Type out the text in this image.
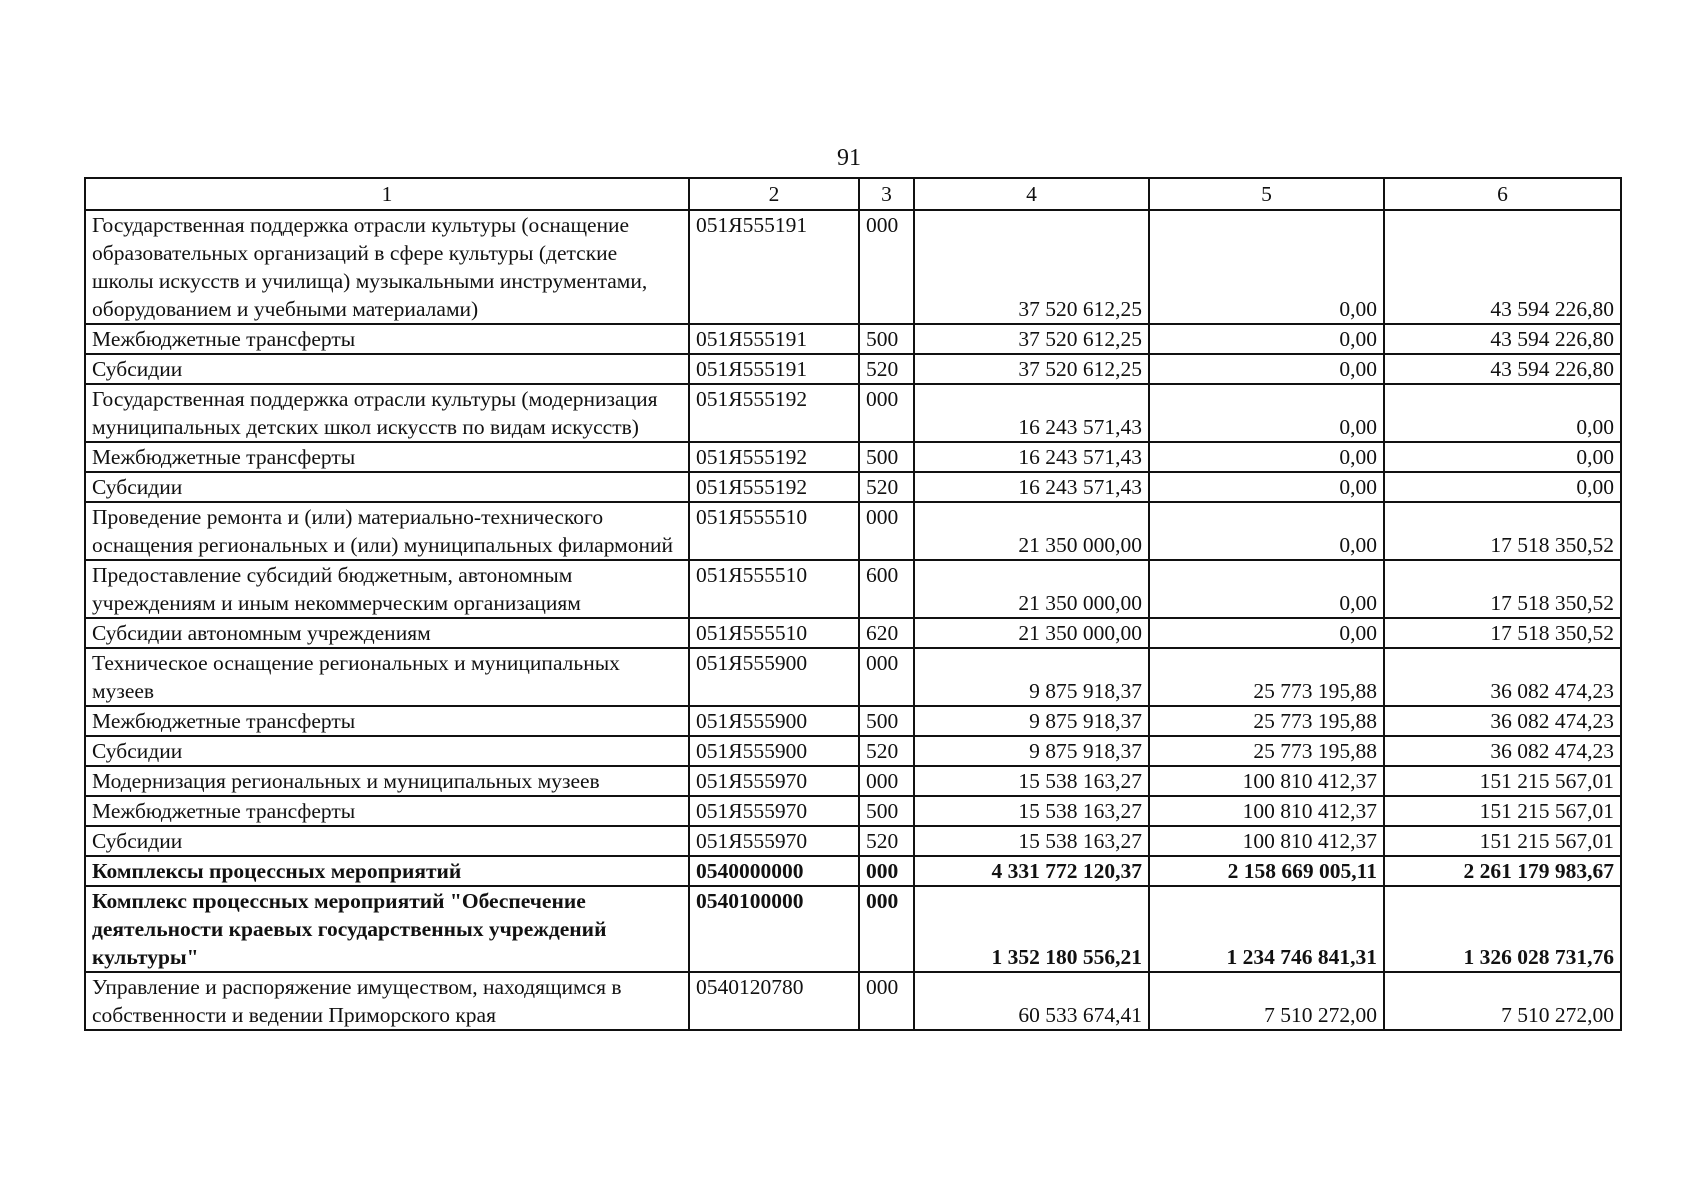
91
1	2	3	4	5	6
Государственная поддержка отрасли культуры (оснащение образовательных организаций в сфере культуры (детские школы искусств и училища) музыкальными инструментами, оборудованием и учебными материалами)	051Я555191	000	37 520 612,25	0,00	43 594 226,80
Межбюджетные трансферты	051Я555191	500	37 520 612,25	0,00	43 594 226,80
Субсидии	051Я555191	520	37 520 612,25	0,00	43 594 226,80
Государственная поддержка отрасли культуры (модернизация муниципальных детских школ искусств по видам искусств)	051Я555192	000	16 243 571,43	0,00	0,00
Межбюджетные трансферты	051Я555192	500	16 243 571,43	0,00	0,00
Субсидии	051Я555192	520	16 243 571,43	0,00	0,00
Проведение ремонта и (или) материально-технического оснащения региональных и (или) муниципальных филармоний	051Я555510	000	21 350 000,00	0,00	17 518 350,52
Предоставление субсидий бюджетным, автономным учреждениям и иным некоммерческим организациям	051Я555510	600	21 350 000,00	0,00	17 518 350,52
Субсидии автономным учреждениям	051Я555510	620	21 350 000,00	0,00	17 518 350,52
Техническое оснащение региональных и муниципальных музеев	051Я555900	000	9 875 918,37	25 773 195,88	36 082 474,23
Межбюджетные трансферты	051Я555900	500	9 875 918,37	25 773 195,88	36 082 474,23
Субсидии	051Я555900	520	9 875 918,37	25 773 195,88	36 082 474,23
Модернизация региональных и муниципальных музеев	051Я555970	000	15 538 163,27	100 810 412,37	151 215 567,01
Межбюджетные трансферты	051Я555970	500	15 538 163,27	100 810 412,37	151 215 567,01
Субсидии	051Я555970	520	15 538 163,27	100 810 412,37	151 215 567,01
Комплексы процессных мероприятий	0540000000	000	4 331 772 120,37	2 158 669 005,11	2 261 179 983,67
Комплекс процессных мероприятий "Обеспечение деятельности краевых государственных учреждений культуры"	0540100000	000	1 352 180 556,21	1 234 746 841,31	1 326 028 731,76
Управление и распоряжение имуществом, находящимся в собственности и ведении Приморского края	0540120780	000	60 533 674,41	7 510 272,00	7 510 272,00
